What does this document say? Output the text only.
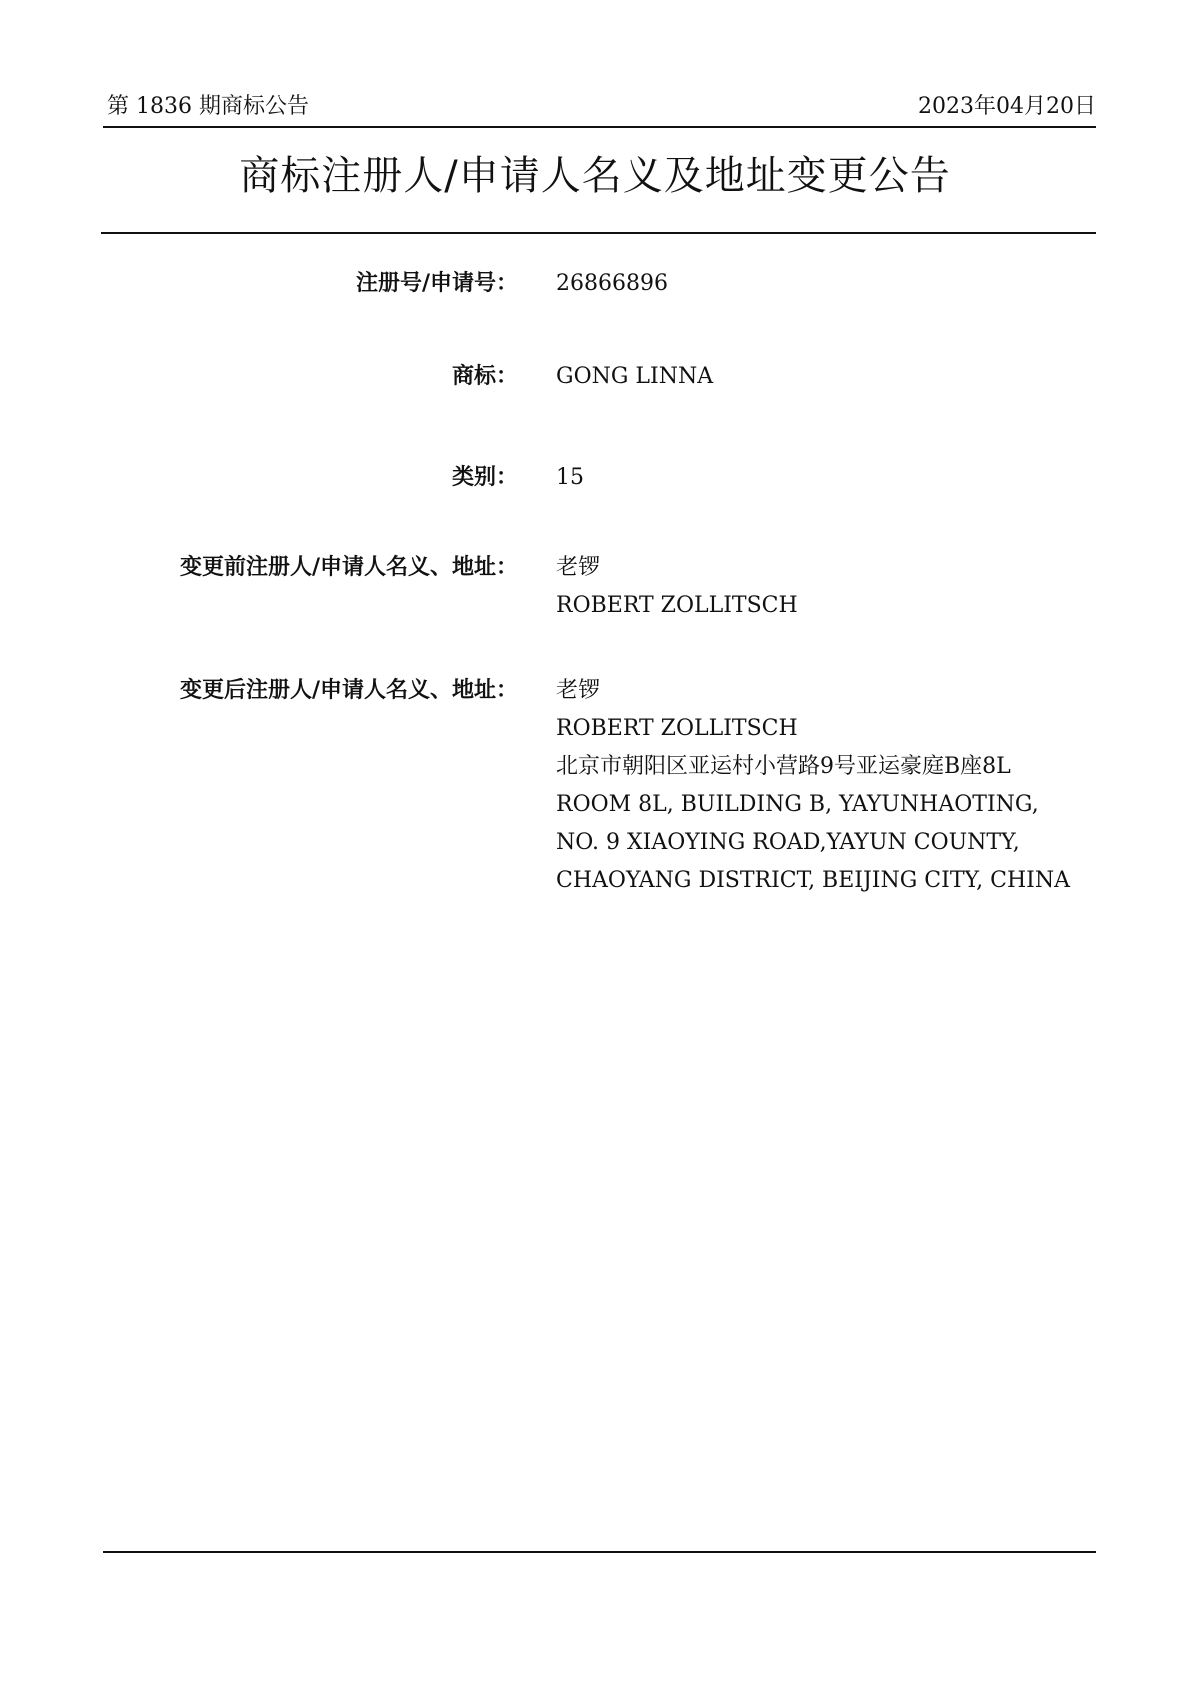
第 1836 期商标公告	2023年04月20日
商标注册人/申请人名义及地址变更公告
注册号/申请号： 26866896
商标： GONG LINNA
类别： 15
变更前注册人/申请人名义、地址： 老锣
ROBERT ZOLLITSCH
变更后注册人/申请人名义、地址： 老锣
ROBERT ZOLLITSCH
北京市朝阳区亚运村小营路9号亚运豪庭B座8L
ROOM 8L, BUILDING B, YAYUNHAOTING,
NO. 9 XIAOYING ROAD,YAYUN COUNTY,
CHAOYANG DISTRICT, BEIJING CITY, CHINA
